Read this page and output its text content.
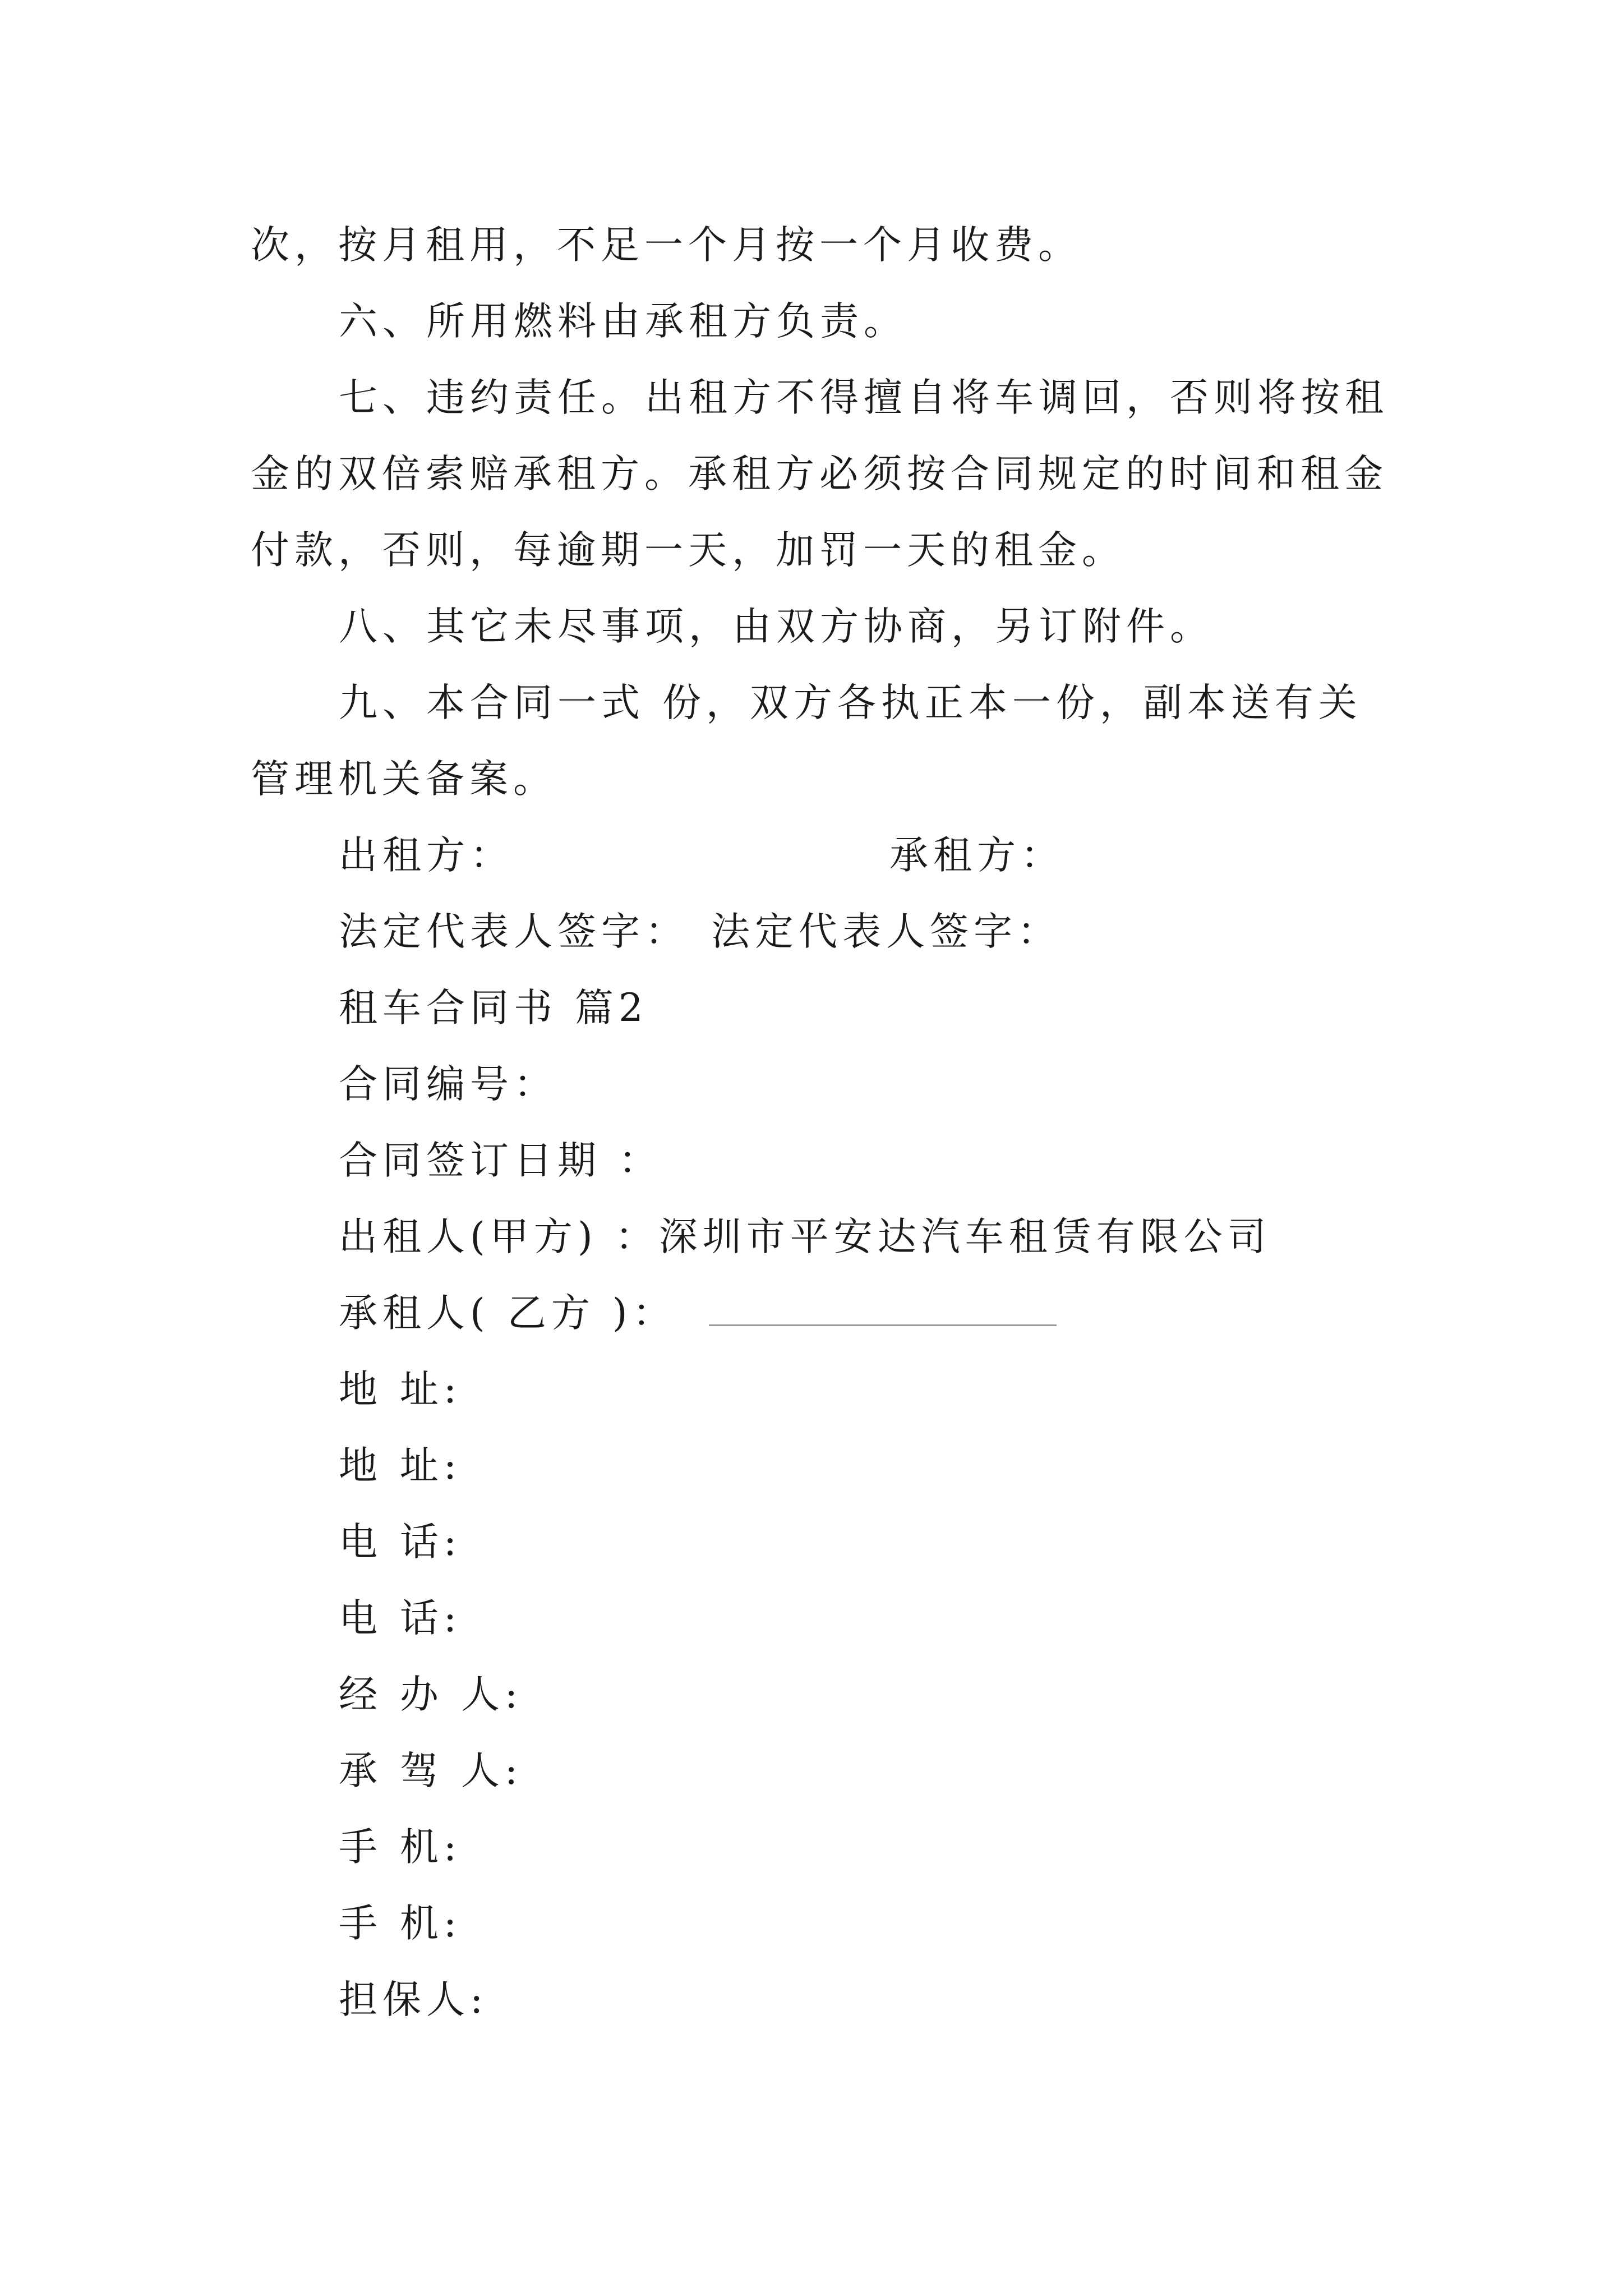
次，按月租用，不足一个月按一个月收费。
六、所用燃料由承租方负责。
七、违约责任。出租方不得擅自将车调回，否则将按租
金的双倍索赔承租方。承租方必须按合同规定的时间和租金
付款，否则，每逾期一天，加罚一天的租金。
八、其它未尽事项，由双方协商，另订附件。
九、本合同一式 份，双方各执正本一份，副本送有关
管理机关备案。
出租方：	承租方：
法定代表人签字： 法定代表人签字：
租车合同书 篇2
合同编号：
合同签订日期 ：
出租人(甲方) ：深圳市平安达汽车租赁有限公司
承租人( 乙方 )：
地 址:
地 址:
电 话:
电 话:
经 办 人:
承 驾 人:
手 机:
手 机:
担保人:
